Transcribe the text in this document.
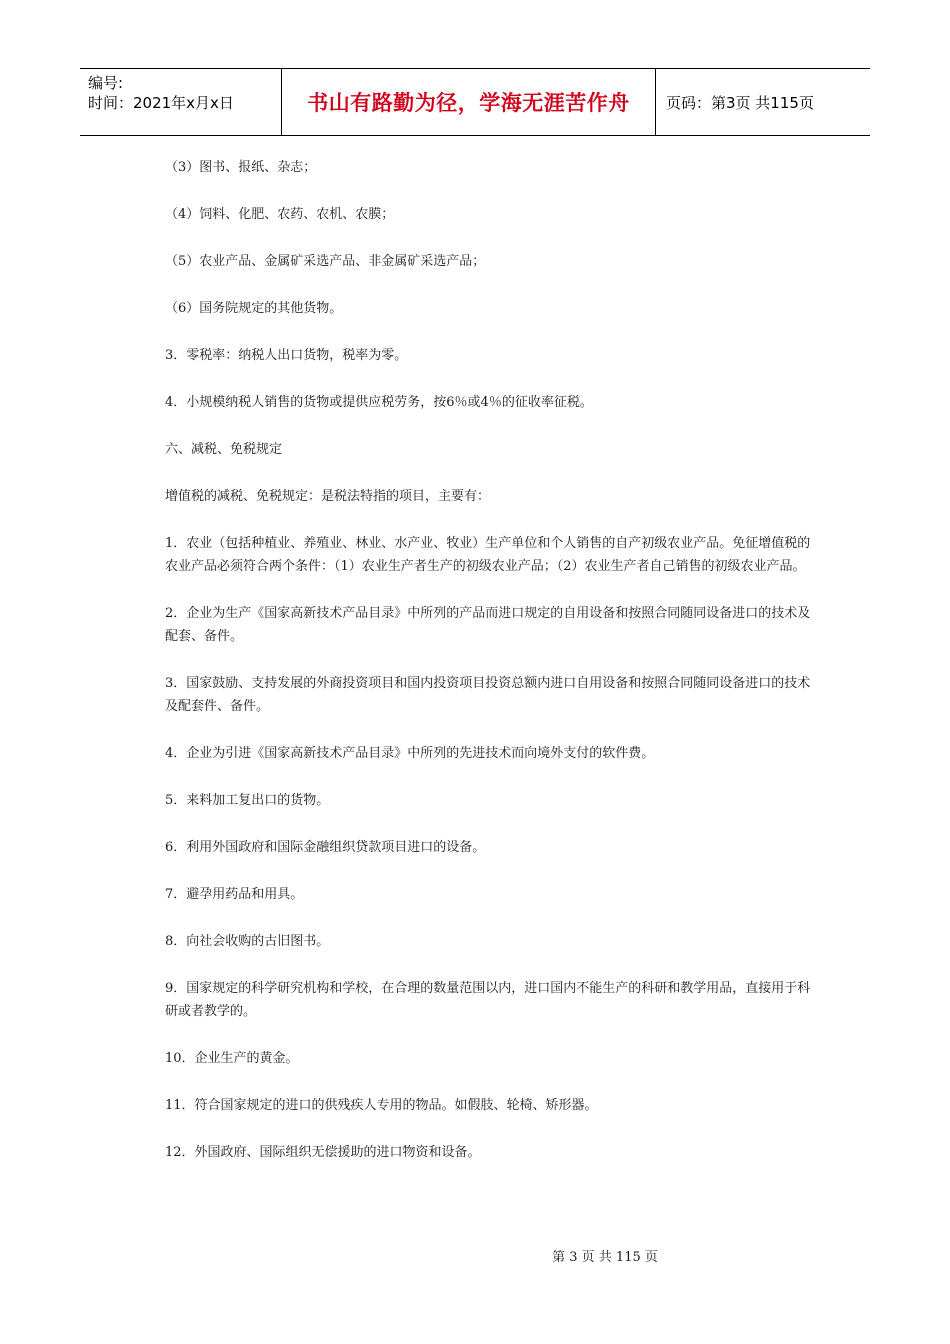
编号:
时间：2021年x月x日	书山有路勤为径，学海无涯苦作舟	页码：第3页 共115页

（3）图书、报纸、杂志；

（4）饲料、化肥、农药、农机、农膜；

（5）农业产品、金属矿采选产品、非金属矿采选产品；

（6）国务院规定的其他货物。

3．零税率：纳税人出口货物，税率为零。

4．小规模纳税人销售的货物或提供应税劳务，按6％或4％的征收率征税。

六、减税、免税规定

增值税的减税、免税规定：是税法特指的项目，主要有：

1．农业（包括种植业、养殖业、林业、水产业、牧业）生产单位和个人销售的自产初级农业产品。免征增值税的农业产品必须符合两个条件：（1）农业生产者生产的初级农业产品；（2）农业生产者自己销售的初级农业产品。

2．企业为生产《国家高新技术产品目录》中所列的产品而进口规定的自用设备和按照合同随同设备进口的技术及配套、备件。

3．国家鼓励、支持发展的外商投资项目和国内投资项目投资总额内进口自用设备和按照合同随同设备进口的技术及配套件、备件。

4．企业为引进《国家高新技术产品目录》中所列的先进技术而向境外支付的软件费。

5．来料加工复出口的货物。

6．利用外国政府和国际金融组织贷款项目进口的设备。

7．避孕用药品和用具。

8．向社会收购的古旧图书。

9．国家规定的科学研究机构和学校，在合理的数量范围以内，进口国内不能生产的科研和教学用品，直接用于科研或者教学的。

10．企业生产的黄金。

11．符合国家规定的进口的供残疾人专用的物品。如假肢、轮椅、矫形器。

12．外国政府、国际组织无偿援助的进口物资和设备。

第 3 页 共 115 页
